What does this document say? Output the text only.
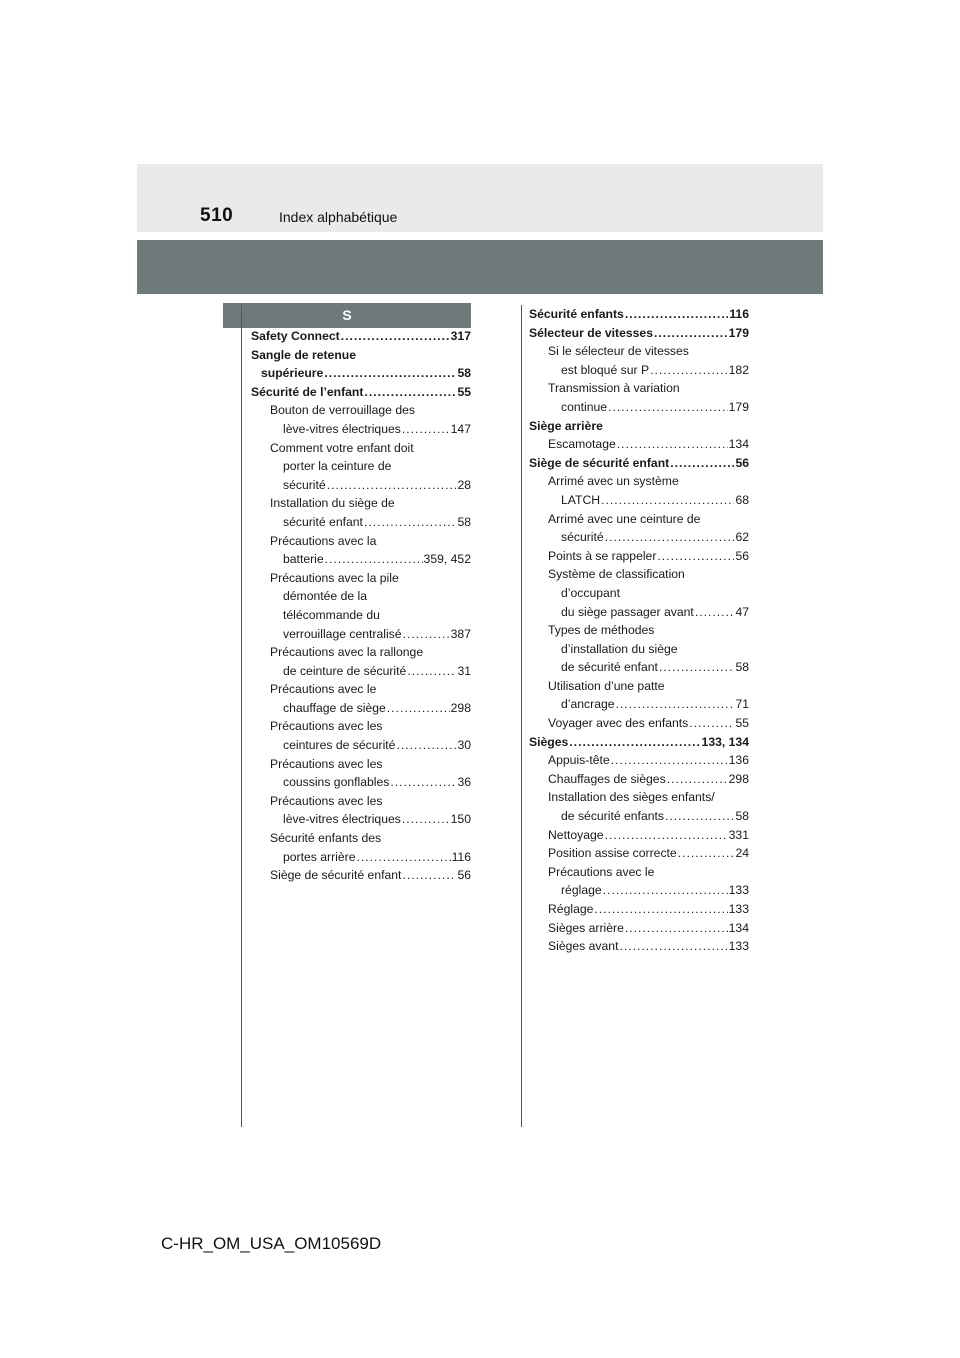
510	Index alphabétique
S
Safety Connect .....	317
Sangle de retenue
supérieure .....	58
Sécurité de l’enfant .....	55
Bouton de verrouillage des
lève-vitres électriques .....	147
Comment votre enfant doit
porter la ceinture de
sécurité .....	28
Installation du siège de
sécurité enfant .....	58
Précautions avec la
batterie .....	359, 452
Précautions avec la pile
démontée de la
télécommande du
verrouillage centralisé .....	387
Précautions avec la rallonge
de ceinture de sécurité .....	31
Précautions avec le
chauffage de siège .....	298
Précautions avec les
ceintures de sécurité .....	30
Précautions avec les
coussins gonflables .....	36
Précautions avec les
lève-vitres électriques .....	150
Sécurité enfants des
portes arrière .....	116
Siège de sécurité enfant .....	56
Sécurité enfants .....	116
Sélecteur de vitesses .....	179
Si le sélecteur de vitesses
est bloqué sur P .....	182
Transmission à variation
continue .....	179
Siège arrière
Escamotage .....	134
Siège de sécurité enfant .....	56
Arrimé avec un système
LATCH .....	68
Arrimé avec une ceinture de
sécurité .....	62
Points à se rappeler .....	56
Système de classification
d’occupant
du siège passager avant .....	47
Types de méthodes
d’installation du siège
de sécurité enfant .....	58
Utilisation d’une patte
d’ancrage .....	71
Voyager avec des enfants .....	55
Sièges .....	133, 134
Appuis-tête .....	136
Chauffages de sièges .....	298
Installation des sièges enfants/
de sécurité enfants .....	58
Nettoyage .....	331
Position assise correcte .....	24
Précautions avec le
réglage .....	133
Réglage .....	133
Sièges arrière .....	134
Sièges avant .....	133
C-HR_OM_USA_OM10569D
